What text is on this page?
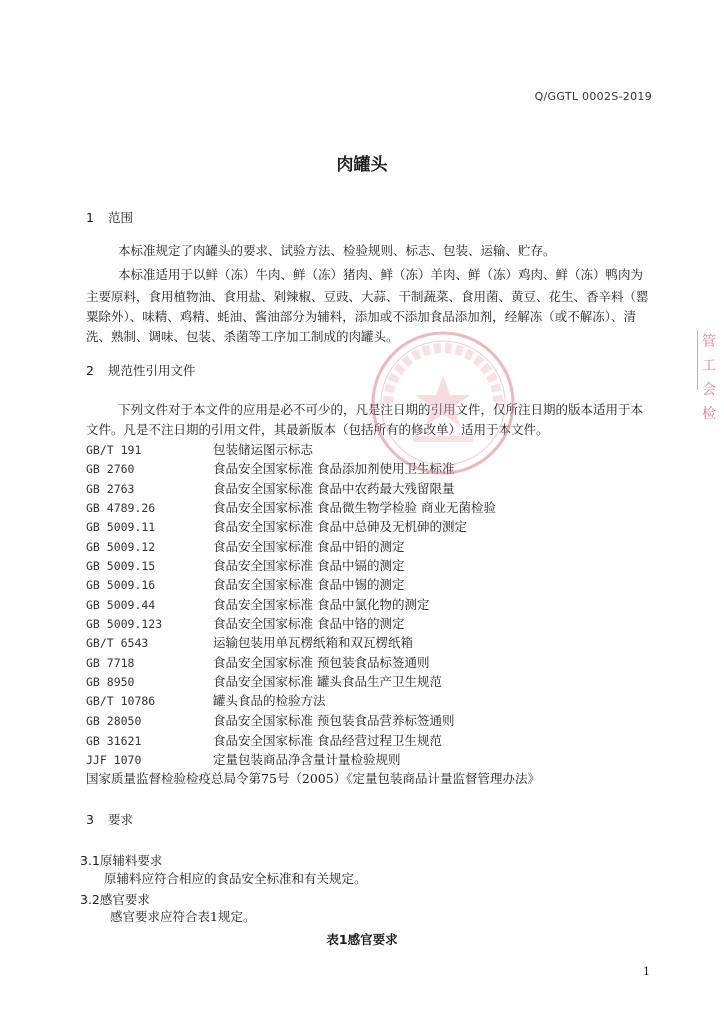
Q/GGTL 0002S-2019
肉罐头
1 范围
本标准规定了肉罐头的要求、试验方法、检验规则、标志、包装、运输、贮存。
本标准适用于以鲜（冻）牛肉、鲜（冻）猪肉、鲜（冻）羊肉、鲜（冻）鸡肉、鲜（冻）鸭肉为
主要原料，食用植物油、食用盐、剁辣椒、豆豉、大蒜、干制蔬菜、食用菌、黄豆、花生、香辛料（罂
粟除外）、味精、鸡精、蚝油、酱油部分为辅料，添加或不添加食品添加剂，经解冻（或不解冻）、清
洗、熟制、调味、包装、杀菌等工序加工制成的肉罐头。
2 规范性引用文件
下列文件对于本文件的应用是必不可少的，凡是注日期的引用文件，仅所注日期的版本适用于本
文件。凡是不注日期的引用文件，其最新版本（包括所有的修改单）适用于本文件。
GB/T 191	包装储运图示标志
GB 2760	食品安全国家标准 食品添加剂使用卫生标准
GB 2763	食品安全国家标准 食品中农药最大残留限量
GB 4789.26	食品安全国家标准 食品微生物学检验 商业无菌检验
GB 5009.11	食品安全国家标准 食品中总砷及无机砷的测定
GB 5009.12	食品安全国家标准 食品中铅的测定
GB 5009.15	食品安全国家标准 食品中镉的测定
GB 5009.16	食品安全国家标准 食品中锡的测定
GB 5009.44	食品安全国家标准 食品中氯化物的测定
GB 5009.123	食品安全国家标准 食品中铬的测定
GB/T 6543	运输包装用单瓦楞纸箱和双瓦楞纸箱
GB 7718	食品安全国家标准 预包装食品标签通则
GB 8950	食品安全国家标准 罐头食品生产卫生规范
GB/T 10786	罐头食品的检验方法
GB 28050	食品安全国家标准 预包装食品营养标签通则
GB 31621	食品安全国家标准 食品经营过程卫生规范
JJF 1070	定量包装商品净含量计量检验规则
国家质量监督检验检疫总局令第75号（2005）《定量包装商品计量监督管理办法》
3 要求
3.1原辅料要求
原辅料应符合相应的食品安全标准和有关规定。
3.2感官要求
感官要求应符合表1规定。
表1感官要求
1
管工
会检
